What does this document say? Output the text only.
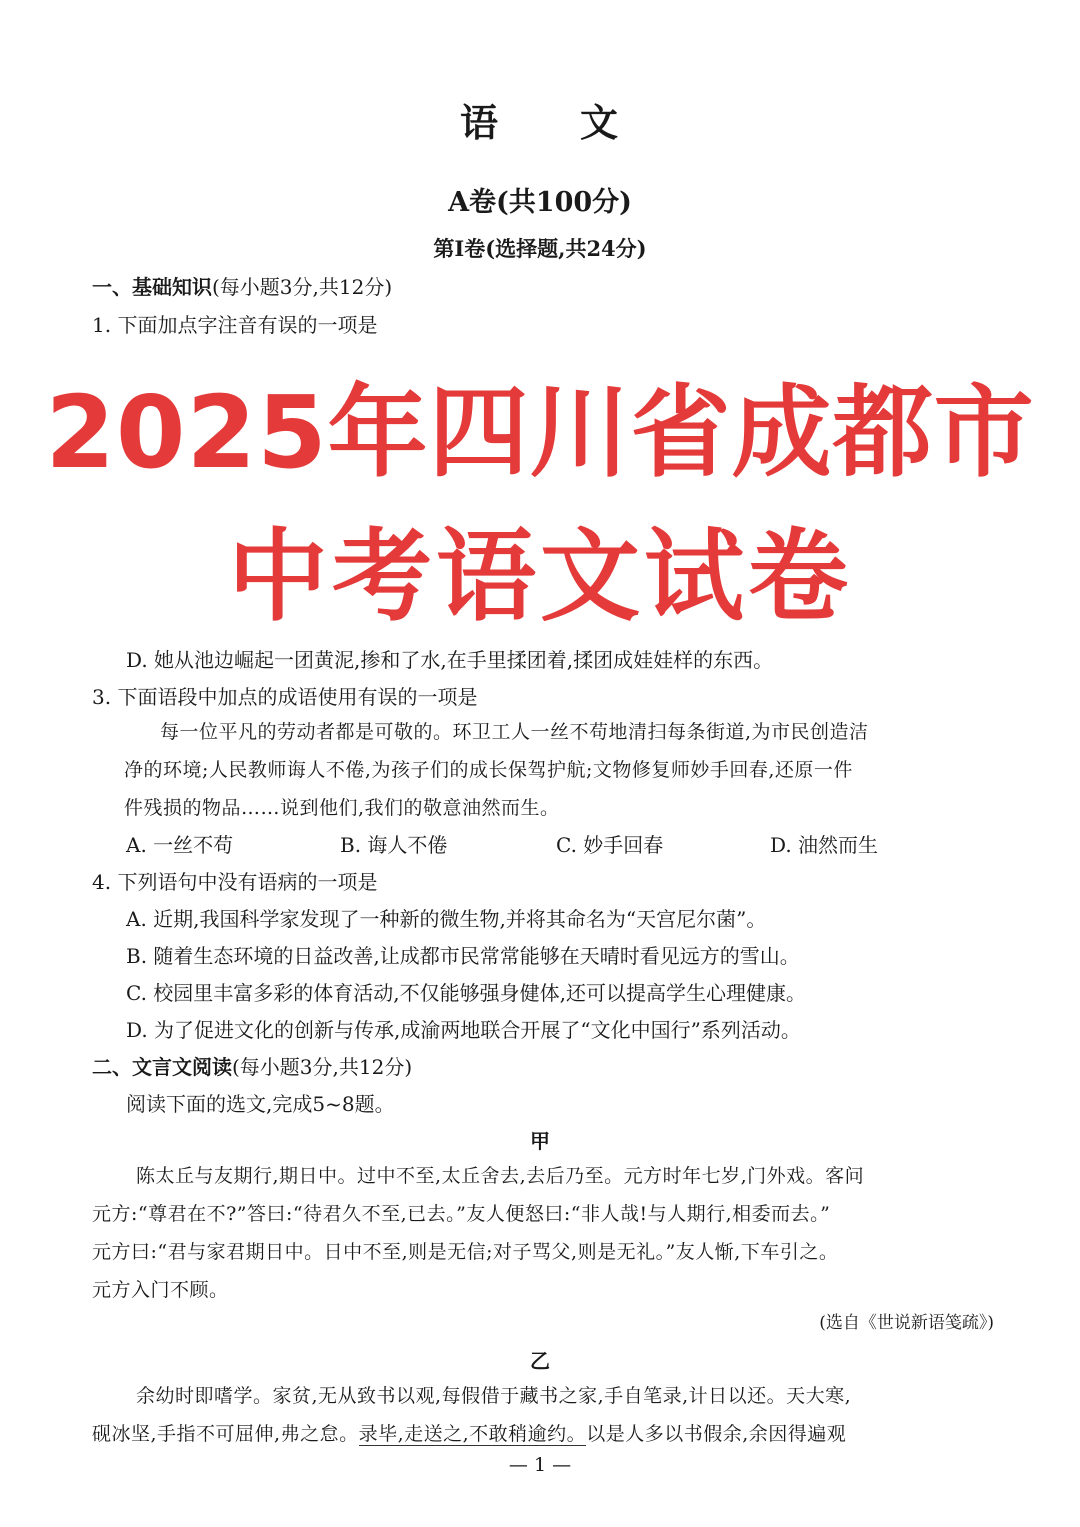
语 文
A卷(共100分)
第Ⅰ卷(选择题,共24分)
一、基础知识(每小题3分,共12分)
1. 下面加点字注音有误的一项是
2025年四川省成都市
中考语文试卷
D. 她从池边崛起一团黄泥,掺和了水,在手里揉团着,揉团成娃娃样的东西。
3. 下面语段中加点的成语使用有误的一项是
每一位平凡的劳动者都是可敬的。环卫工人一丝不苟地清扫每条街道,为市民创造洁
净的环境;人民教师诲人不倦,为孩子们的成长保驾护航;文物修复师妙手回春,还原一件
件残损的物品……说到他们,我们的敬意油然而生。
A. 一丝不苟	B. 诲人不倦	C. 妙手回春	D. 油然而生
4. 下列语句中没有语病的一项是
A. 近期,我国科学家发现了一种新的微生物,并将其命名为“天宫尼尔菌”。
B. 随着生态环境的日益改善,让成都市民常常能够在天晴时看见远方的雪山。
C. 校园里丰富多彩的体育活动,不仅能够强身健体,还可以提高学生心理健康。
D. 为了促进文化的创新与传承,成渝两地联合开展了“文化中国行”系列活动。
二、文言文阅读(每小题3分,共12分)
阅读下面的选文,完成5~8题。
甲
陈太丘与友期行,期日中。过中不至,太丘舍去,去后乃至。元方时年七岁,门外戏。客问
元方:“尊君在不?”答曰:“待君久不至,已去。”友人便怒曰:“非人哉!与人期行,相委而去。”
元方曰:“君与家君期日中。日中不至,则是无信;对子骂父,则是无礼。”友人惭,下车引之。
元方入门不顾。
(选自《世说新语笺疏》)
乙
余幼时即嗜学。家贫,无从致书以观,每假借于藏书之家,手自笔录,计日以还。天大寒,
砚冰坚,手指不可屈伸,弗之怠。录毕,走送之,不敢稍逾约。以是人多以书假余,余因得遍观
— 1 —
